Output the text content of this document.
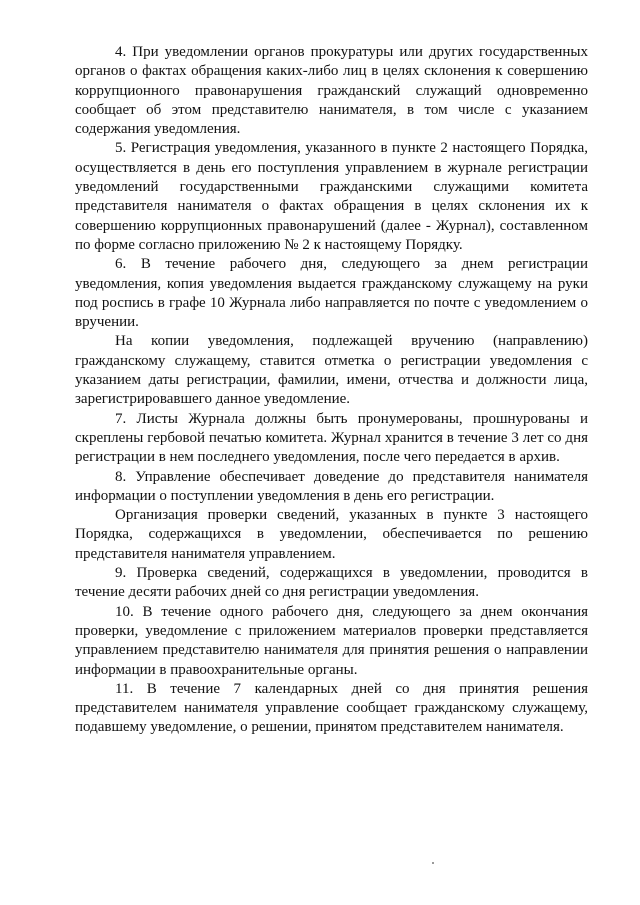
4. При уведомлении органов прокуратуры или других государственных органов о фактах обращения каких-либо лиц в целях склонения к совершению коррупционного правонарушения гражданский служащий одновременно сообщает об этом представителю нанимателя, в том числе с указанием содержания уведомления.

5. Регистрация уведомления, указанного в пункте 2 настоящего Порядка, осуществляется в день его поступления управлением в журнале регистрации уведомлений государственными гражданскими служащими комитета представителя нанимателя о фактах обращения в целях склонения их к совершению коррупционных правонарушений (далее - Журнал), составленном по форме согласно приложению № 2 к настоящему Порядку.

6. В течение рабочего дня, следующего за днем регистрации уведомления, копия уведомления выдается гражданскому служащему на руки под роспись в графе 10 Журнала либо направляется по почте с уведомлением о вручении.

На копии уведомления, подлежащей вручению (направлению) гражданскому служащему, ставится отметка о регистрации уведомления с указанием даты регистрации, фамилии, имени, отчества и должности лица, зарегистрировавшего данное уведомление.

7. Листы Журнала должны быть пронумерованы, прошнурованы и скреплены гербовой печатью комитета. Журнал хранится в течение 3 лет со дня регистрации в нем последнего уведомления, после чего передается в архив.

8. Управление обеспечивает доведение до представителя нанимателя информации о поступлении уведомления в день его регистрации.

Организация проверки сведений, указанных в пункте 3 настоящего Порядка, содержащихся в уведомлении, обеспечивается по решению представителя нанимателя управлением.

9. Проверка сведений, содержащихся в уведомлении, проводится в течение десяти рабочих дней со дня регистрации уведомления.

10. В течение одного рабочего дня, следующего за днем окончания проверки, уведомление с приложением материалов проверки представляется управлением представителю нанимателя для принятия решения о направлении информации в правоохранительные органы.

11. В течение 7 календарных дней со дня принятия решения представителем нанимателя управление сообщает гражданскому служащему, подавшему уведомление, о решении, принятом представителем нанимателя.
